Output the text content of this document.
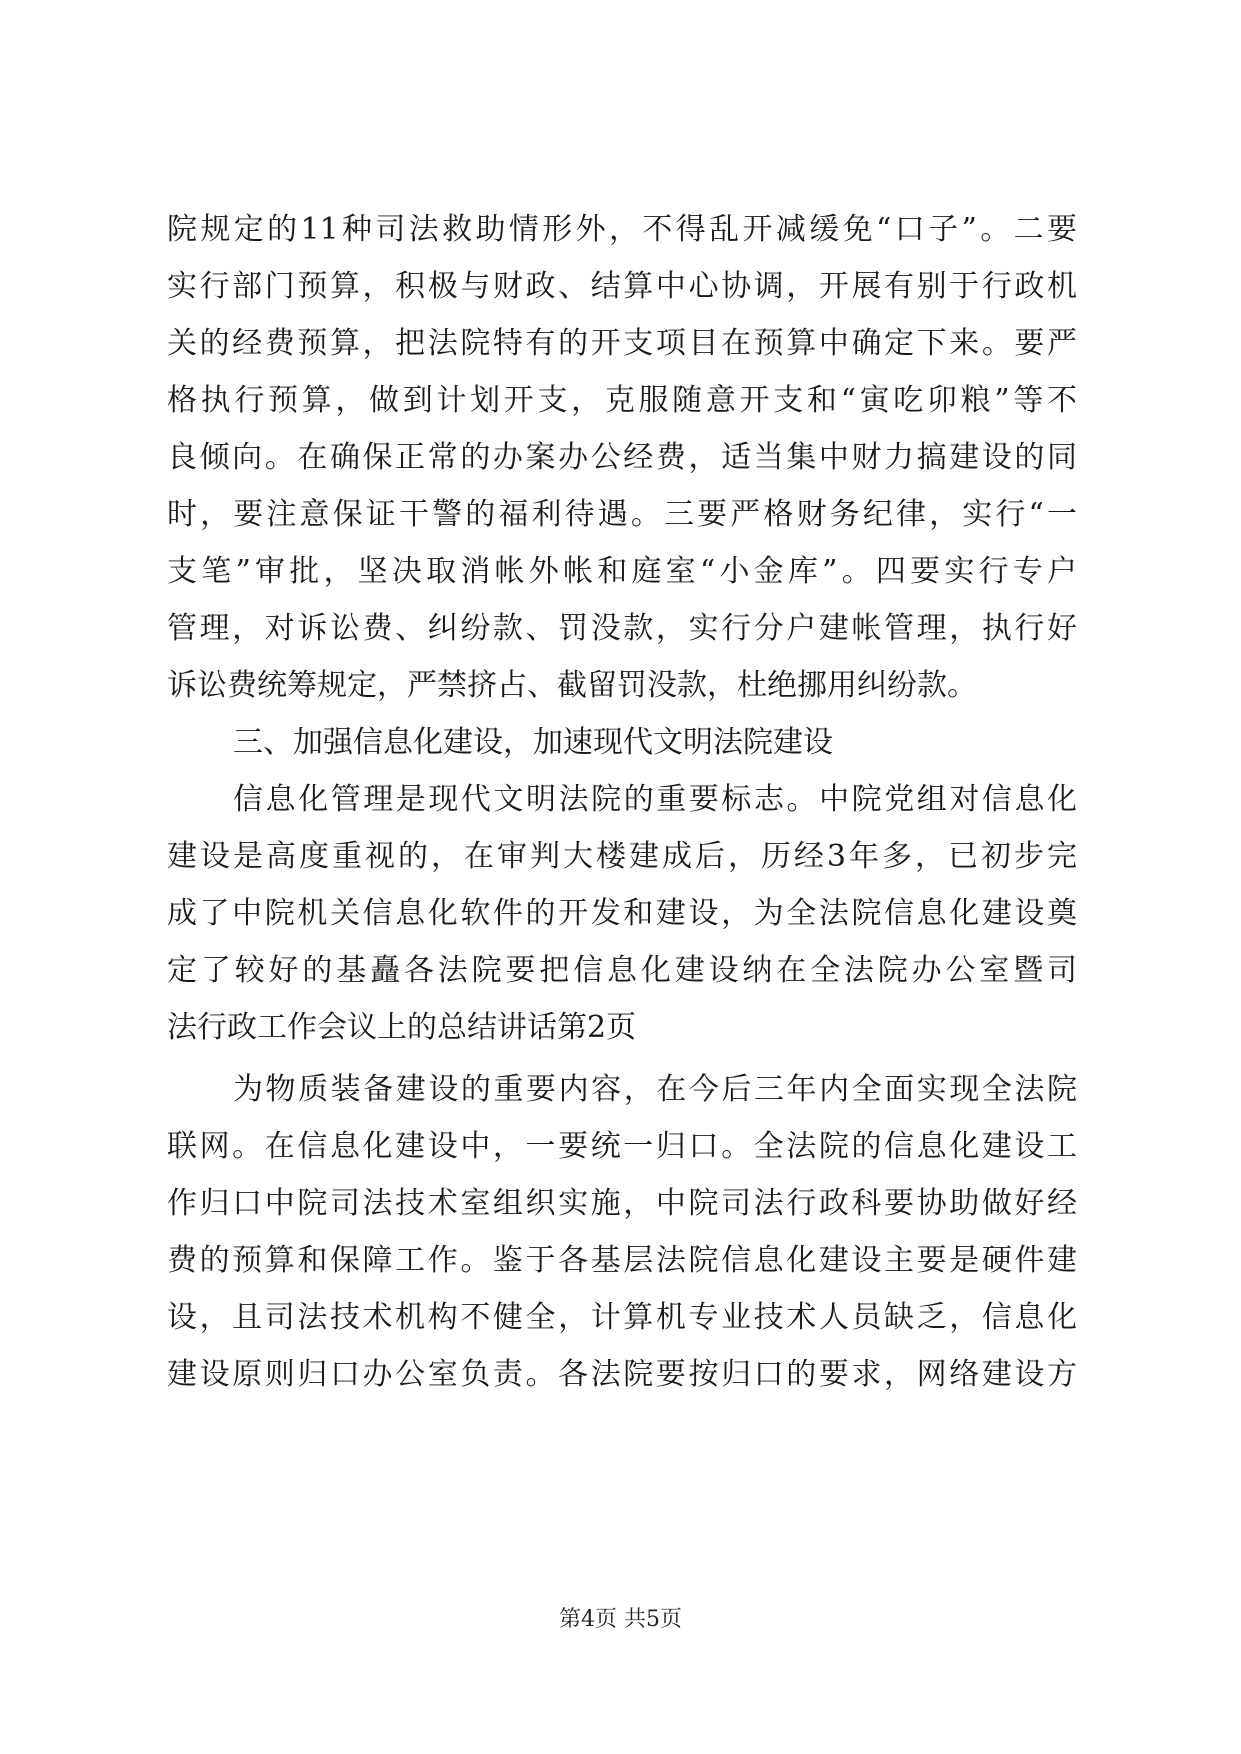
院规定的11种司法救助情形外，不得乱开减缓免“口子”。二要
实行部门预算，积极与财政、结算中心协调，开展有别于行政机
关的经费预算，把法院特有的开支项目在预算中确定下来。要严
格执行预算，做到计划开支，克服随意开支和“寅吃卯粮”等不
良倾向。在确保正常的办案办公经费，适当集中财力搞建设的同
时，要注意保证干警的福利待遇。三要严格财务纪律，实行“一
支笔”审批，坚决取消帐外帐和庭室“小金库”。四要实行专户
管理，对诉讼费、纠纷款、罚没款，实行分户建帐管理，执行好
诉讼费统筹规定，严禁挤占、截留罚没款，杜绝挪用纠纷款。
三、加强信息化建设，加速现代文明法院建设
信息化管理是现代文明法院的重要标志。中院党组对信息化
建设是高度重视的，在审判大楼建成后，历经3年多，已初步完
成了中院机关信息化软件的开发和建设，为全法院信息化建设奠
定了较好的基矗各法院要把信息化建设纳在全法院办公室暨司
法行政工作会议上的总结讲话第2页
为物质装备建设的重要内容，在今后三年内全面实现全法院
联网。在信息化建设中，一要统一归口。全法院的信息化建设工
作归口中院司法技术室组织实施，中院司法行政科要协助做好经
费的预算和保障工作。鉴于各基层法院信息化建设主要是硬件建
设，且司法技术机构不健全，计算机专业技术人员缺乏，信息化
建设原则归口办公室负责。各法院要按归口的要求，网络建设方
第4页 共5页
